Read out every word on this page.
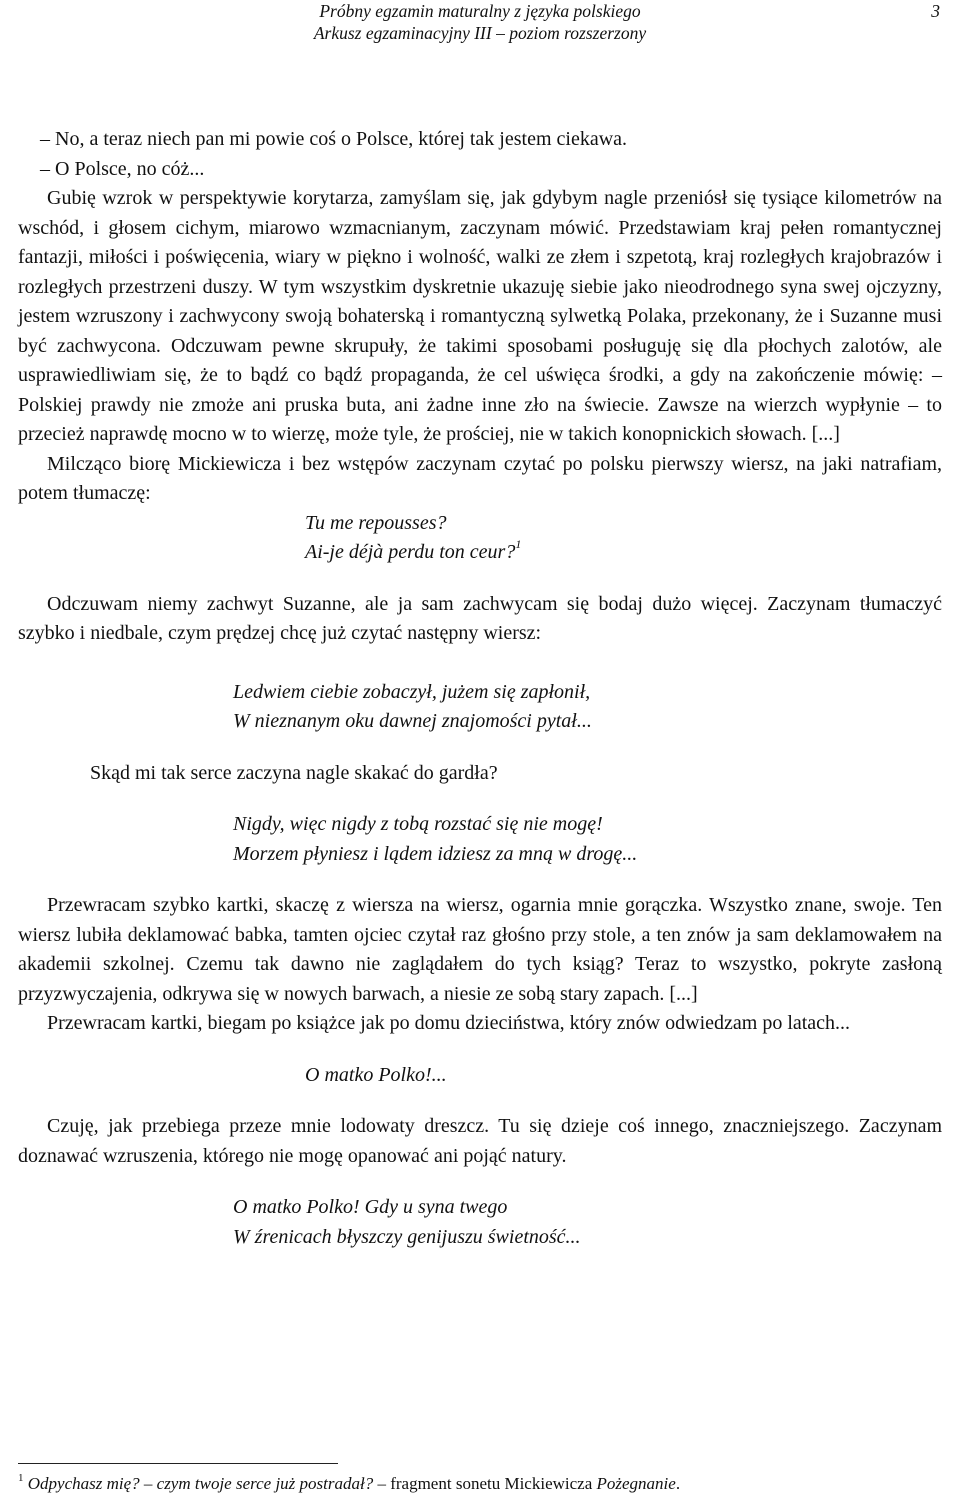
Próbny egzamin maturalny z języka polskiego
Arkusz egzaminacyjny III – poziom rozszerzony
3

– No, a teraz niech pan mi powie coś o Polsce, której tak jestem ciekawa.

– O Polsce, no cóż...

Gubię wzrok w perspektywie korytarza, zamyślam się, jak gdybym nagle przeniósł się tysiące kilometrów na wschód, i głosem cichym, miarowo wzmacnianym, zaczynam mówić. Przedstawiam kraj pełen romantycznej fantazji, miłości i poświęcenia, wiary w piękno i wolność, walki ze złem i szpetotą, kraj rozległych krajobrazów i rozległych przestrzeni duszy. W tym wszystkim dyskretnie ukazuję siebie jako nieodrodnego syna swej ojczyzny, jestem wzruszony i zachwycony swoją bohaterską i romantyczną sylwetką Polaka, przekonany, że i Suzanne musi być zachwycona. Odczuwam pewne skrupuły, że takimi sposobami posługuję się dla płochych zalotów, ale usprawiedliwiam się, że to bądź co bądź propaganda, że cel uświęca środki, a gdy na zakończenie mówię: – Polskiej prawdy nie zmoże ani pruska buta, ani żadne inne zło na świecie. Zawsze na wierzch wypłynie – to przecież naprawdę mocno w to wierzę, może tyle, że prościej, nie w takich konopnickich słowach. [...]

Milcząco biorę Mickiewicza i bez wstępów zaczynam czytać po polsku pierwszy wiersz, na jaki natrafiam, potem tłumaczę:

Tu me repousses?

Ai-je déjà perdu ton ceur?$^1$

Odczuwam niemy zachwyt Suzanne, ale ja sam zachwycam się bodaj dużo więcej. Zaczynam tłumaczyć szybko i niedbale, czym prędzej chcę już czytać następny wiersz:

Ledwiem ciebie zobaczył, jużem się zapłonił,

W nieznanym oku dawnej znajomości pytał...

Skąd mi tak serce zaczyna nagle skakać do gardła?

Nigdy, więc nigdy z tobą rozstać się nie mogę!

Morzem płyniesz i lądem idziesz za mną w drogę...

Przewracam szybko kartki, skaczę z wiersza na wiersz, ogarnia mnie gorączka. Wszystko znane, swoje. Ten wiersz lubiła deklamować babka, tamten ojciec czytał raz głośno przy stole, a ten znów ja sam deklamowałem na akademii szkolnej. Czemu tak dawno nie zaglądałem do tych ksiąg? Teraz to wszystko, pokryte zasłoną przyzwyczajenia, odkrywa się w nowych barwach, a niesie ze sobą stary zapach. [...]

Przewracam kartki, biegam po książce jak po domu dzieciństwa, który znów odwiedzam po latach...

O matko Polko!...

Czuję, jak przebiega przeze mnie lodowaty dreszcz. Tu się dzieje coś innego, znaczniejszego. Zaczynam doznawać wzruszenia, którego nie mogę opanować ani pojąć natury.

O matko Polko! Gdy u syna twego

W źrenicach błyszczy genijuszu świetność...

$^1$ Odpychasz mię? – czym twoje serce już postradał? – fragment sonetu Mickiewicza Pożegnanie.
